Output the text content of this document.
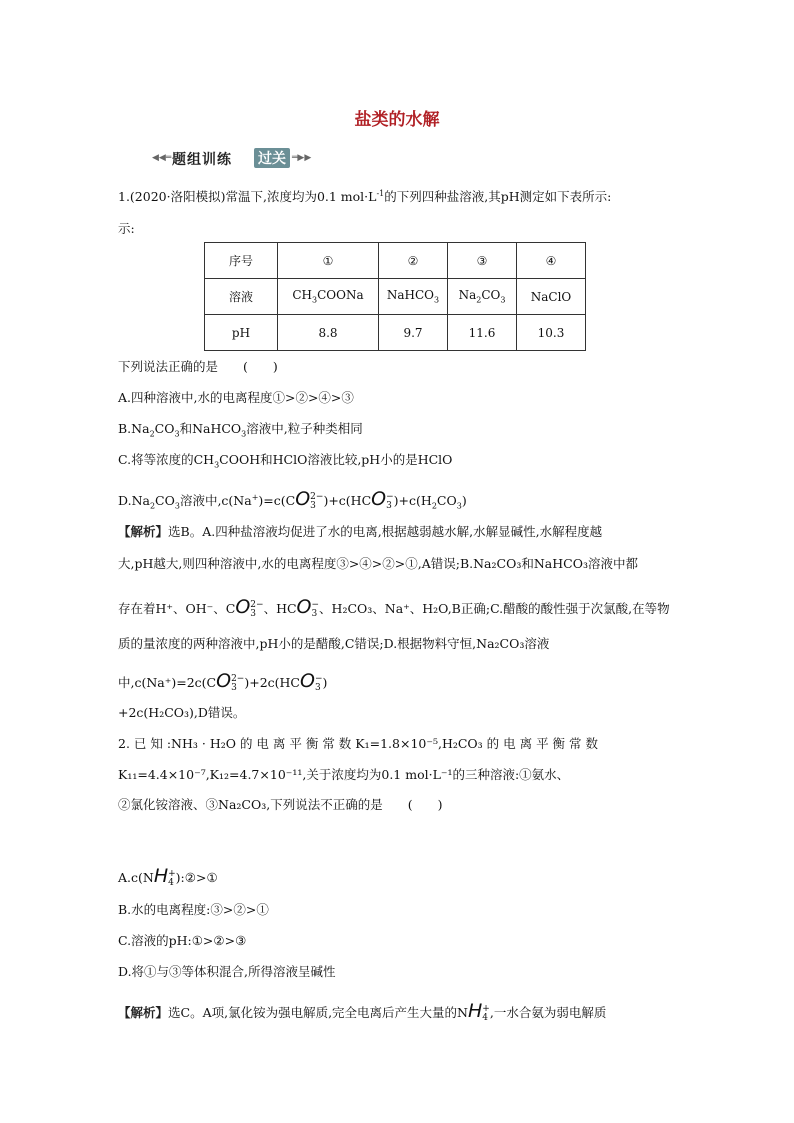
盐类的水解
◀◀═ 题组训练 过关 ═▶▶
1.(2020·洛阳模拟)常温下,浓度均为0.1 $mol\cdot L^{-1}$的下列四种盐溶液,其pH测定如下表所示:
示:
序号	①	②	③	④
溶液	$CH_3COONa$	NaHCO$_3$	$Na_2CO_3$	NaClO
pH	8.8	9.7	11.6	10.3
下列说法正确的是　　(　　)
A.四种溶液中,水的电离程度①>②>④>③
$B.Na_2CO_3$和NaHCO$_3$溶液中,粒子种类相同
C.将等浓度的$CH_3COOH$和HClO溶液比较,pH小的是HClO
$D.Na_2CO_3$溶液中,c(Na+)=c(CO 2−
3 )+c(HCO −
3 )$+c(H_2CO_3)$
【解析】选B。A.四种盐溶液均促进了水的电离,根据越弱越水解,水解显碱性,水解程度越
大,pH越大,则四种溶液中,水的电离程度③>④>②>①,A错误;B.Na₂CO₃和NaHCO₃溶液中都
存在着H⁺、OH⁻、CO 2−
3 、HCO −
3 、H₂CO₃、Na⁺、H₂O,B正确;C.醋酸的酸性强于次氯酸,在等物
质的量浓度的两种溶液中,pH小的是醋酸,C错误;D.根据物料守恒,Na₂CO₃溶液
中,c(Na⁺)=2c(CO 2−
3 )+2c(HCO −
3 )
+2c(H₂CO₃),D错误。
2. 已 知 :NH₃ · H₂O 的 电 离 平 衡 常 数 K₁=1.8×10⁻⁵,H₂CO₃ 的 电 离 平 衡 常 数
K₁₁=4.4×10⁻⁷,K₁₂=4.7×10⁻¹¹,关于浓度均为0.1 mol·L⁻¹的三种溶液:①氨水、
②氯化铵溶液、③Na₂CO₃,下列说法不正确的是　　(　　)
A.c(NH +
4 ):②>①
B.水的电离程度:③>②>①
C.溶液的pH:①>②>③
D.将①与③等体积混合,所得溶液呈碱性
【解析】选C。A项,氯化铵为强电解质,完全电离后产生大量的NH +
4 ,一水合氨为弱电解质
